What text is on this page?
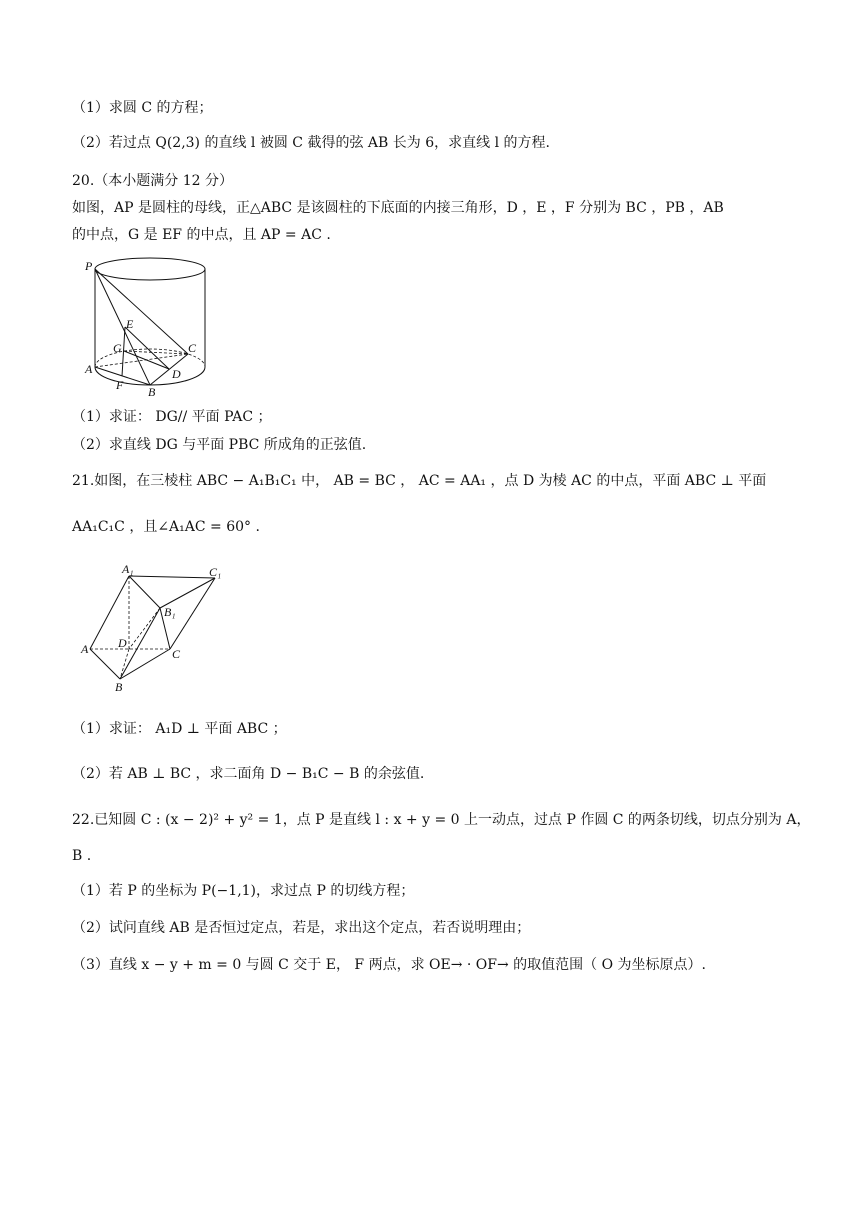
（1）求圆 C 的方程；
（2）若过点 Q(2,3) 的直线 l 被圆 C 截得的弦 AB 长为 6，求直线 l 的方程.
20.（本小题满分 12 分）
如图，AP 是圆柱的母线，正△ABC 是该圆柱的下底面的内接三角形，D ，E ，F 分别为 BC ，PB ，AB
的中点，G 是 EF 的中点，且 AP = AC .
P
E
G	C
A	D
F B
（1）求证： DG// 平面 PAC ；
（2）求直线 DG 与平面 PBC 所成角的正弦值.
21.如图，在三棱柱 ABC − A₁B₁C₁ 中， AB = BC ， AC = AA₁ ，点 D 为棱 AC 的中点，平面 ABC ⊥ 平面
AA₁C₁C ，且∠A₁AC = 60° .
A₁	C₁
B₁
D
A	C
B
（1）求证： A₁D ⊥ 平面 ABC ；
（2）若 AB ⊥ BC ，求二面角 D − B₁C − B 的余弦值.
22.已知圆 C : (x − 2)² + y² = 1，点 P 是直线 l : x + y = 0 上一动点，过点 P 作圆 C 的两条切线，切点分别为 A，
B .
（1）若 P 的坐标为 P(−1,1)，求过点 P 的切线方程；
（2）试问直线 AB 是否恒过定点，若是，求出这个定点，若否说明理由；
（3）直线 x − y + m = 0 与圆 C 交于 E， F 两点，求 OE→ · OF→ 的取值范围（ O 为坐标原点）.
